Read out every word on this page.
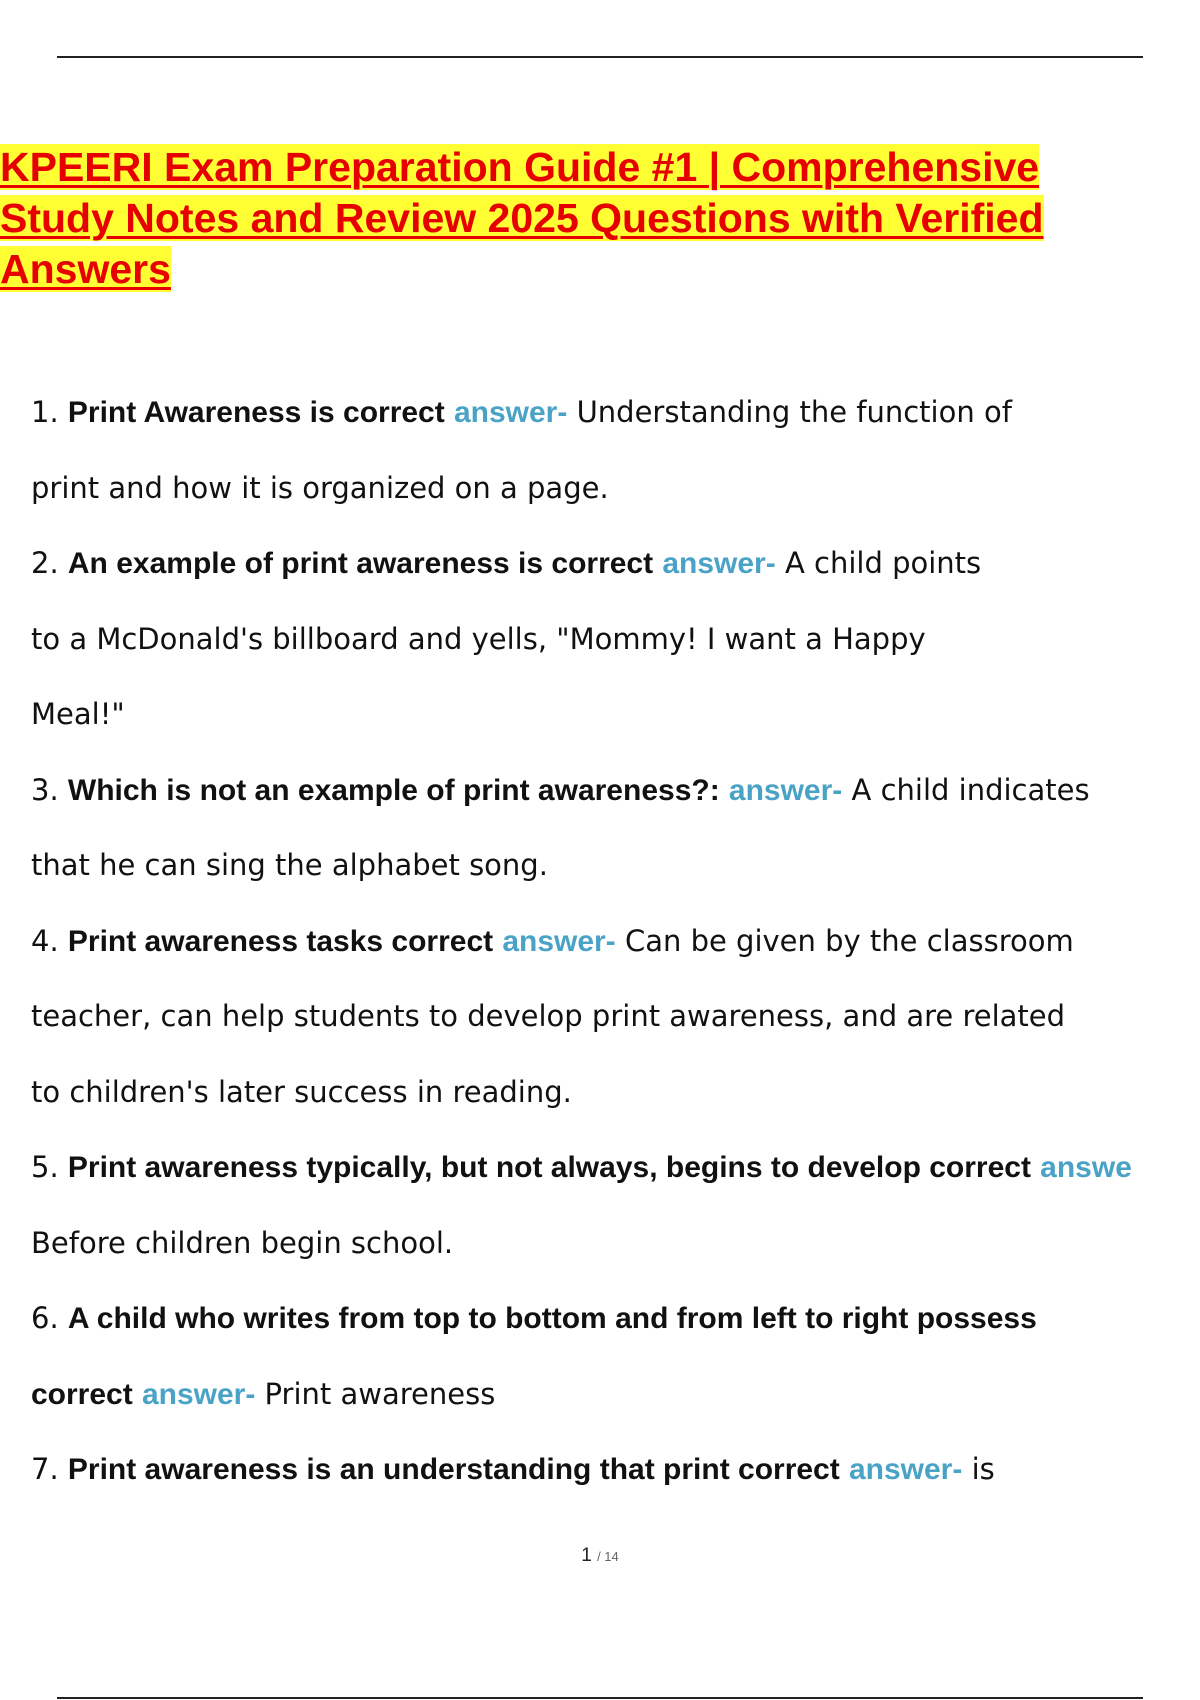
KPEERI Exam Preparation Guide #1 | Comprehensive
Study Notes and Review 2025 Questions with Verified
Answers
1. Print Awareness is correct answer- Understanding the function of
print and how it is organized on a page.
2. An example of print awareness is correct answer- A child points
to a McDonald's billboard and yells, "Mommy! I want a Happy
Meal!"
3. Which is not an example of print awareness?: answer- A child indicates
that he can sing the alphabet song.
4. Print awareness tasks correct answer- Can be given by the classroom
teacher, can help students to develop print awareness, and are related
to children's later success in reading.
5. Print awareness typically, but not always, begins to develop correct answe
Before children begin school.
6. A child who writes from top to bottom and from left to right possess
correct answer- Print awareness
7. Print awareness is an understanding that print correct answer- is
1 / 14
